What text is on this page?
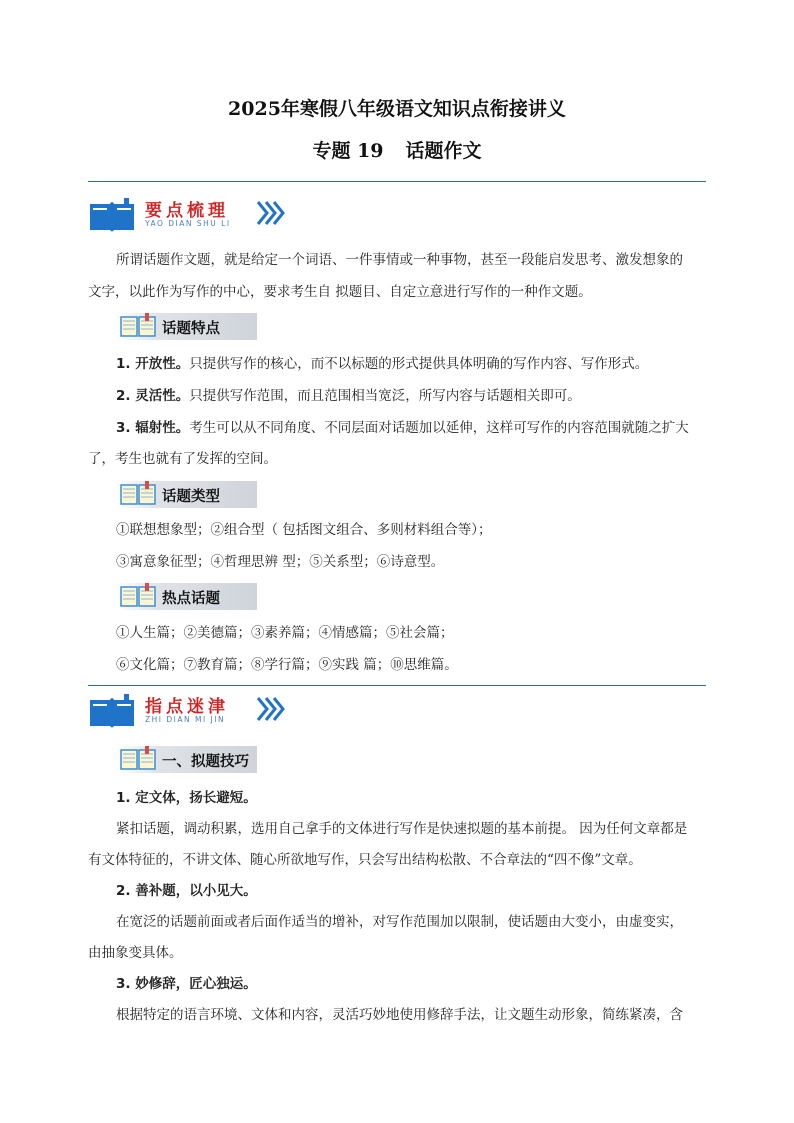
2025年寒假八年级语文知识点衔接讲义
专题 19 话题作文
要点梳理
YAO DIAN SHU LI
所谓话题作文题，就是给定一个词语、一件事情或一种事物，甚至一段能启发思考、激发想象的
文字，以此作为写作的中心，要求考生自 拟题目、自定立意进行写作的一种作文题。
话题特点
1. 开放性。只提供写作的核心，而不以标题的形式提供具体明确的写作内容、写作形式。
2. 灵活性。只提供写作范围，而且范围相当宽泛，所写内容与话题相关即可。
3. 辐射性。考生可以从不同角度、不同层面对话题加以延伸，这样可写作的内容范围就随之扩大
了，考生也就有了发挥的空间。
话题类型
①联想想象型；②组合型（ 包括图文组合、多则材料组合等）；
③寓意象征型；④哲理思辨 型；⑤关系型；⑥诗意型。
热点话题
①人生篇；②美德篇；③素养篇；④情感篇；⑤社会篇；
⑥文化篇；⑦教育篇；⑧学行篇；⑨实践 篇；⑩思维篇。
指点迷津
ZHI DIAN MI JIN
一、拟题技巧
1. 定文体，扬长避短。
紧扣话题，调动积累，选用自己拿手的文体进行写作是快速拟题的基本前提。 因为任何文章都是
有文体特征的，不讲文体、随心所欲地写作，只会写出结构松散、不合章法的“四不像”文章。
2. 善补题，以小见大。
在宽泛的话题前面或者后面作适当的增补，对写作范围加以限制，使话题由大变小，由虚变实，
由抽象变具体。
3. 妙修辞，匠心独运。
根据特定的语言环境、文体和内容，灵活巧妙地使用修辞手法，让文题生动形象，简练紧凑，含
